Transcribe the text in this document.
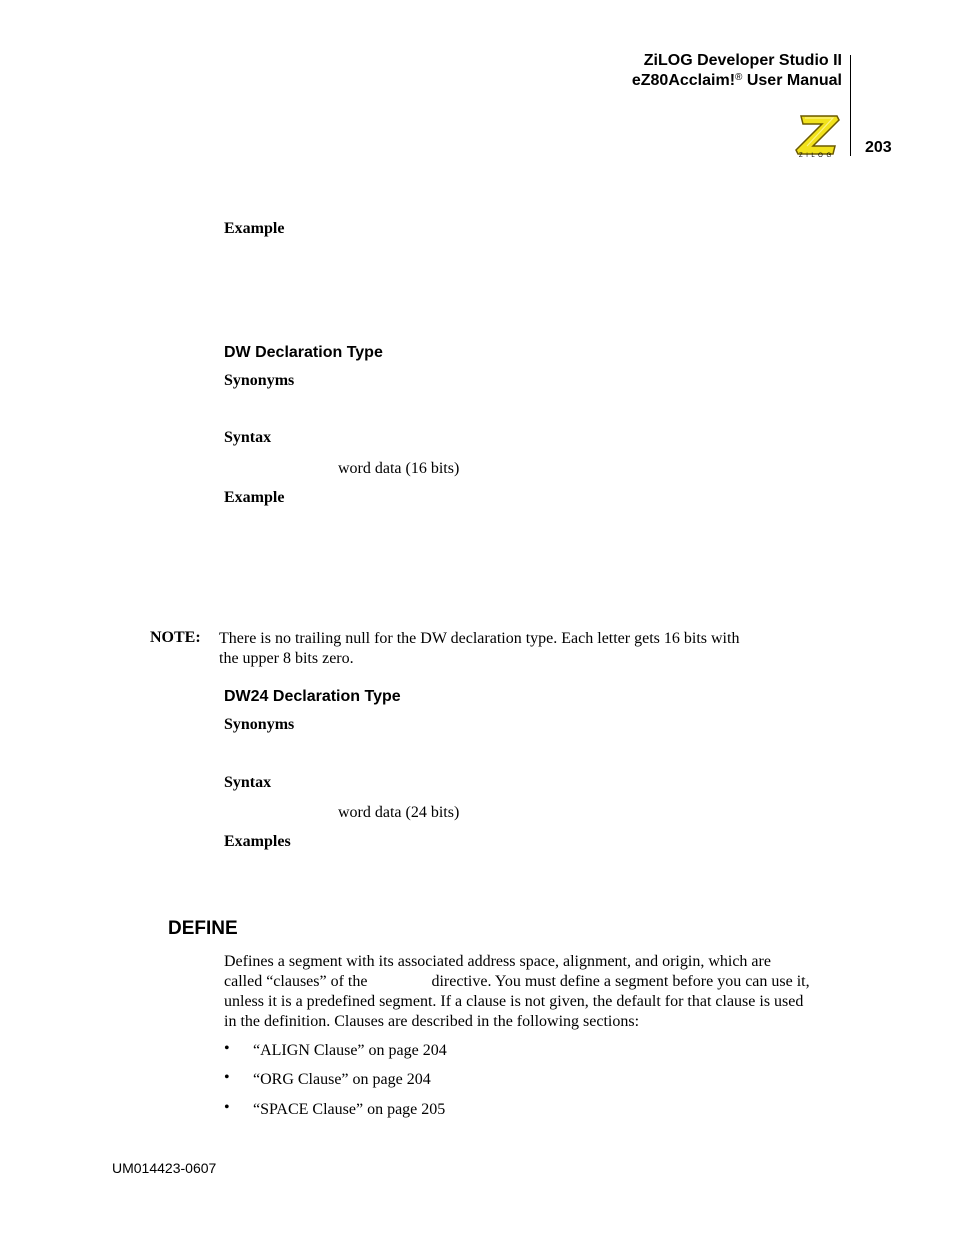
ZiLOG Developer Studio II
eZ80Acclaim!® User Manual
Z i L O G 203
Example
DW Declaration Type
Synonyms
Syntax
word data (16 bits)
Example
NOTE: There is no trailing null for the DW declaration type. Each letter gets 16 bits with
the upper 8 bits zero.
DW24 Declaration Type
Synonyms
Syntax
word data (24 bits)
Examples
DEFINE
Defines a segment with its associated address space, alignment, and origin, which are
called “clauses” of the	directive. You must define a segment before you can use it,
unless it is a predefined segment. If a clause is not given, the default for that clause is used
in the definition. Clauses are described in the following sections:
• “ALIGN Clause” on page 204
• “ORG Clause” on page 204
• “SPACE Clause” on page 205
UM014423-0607
